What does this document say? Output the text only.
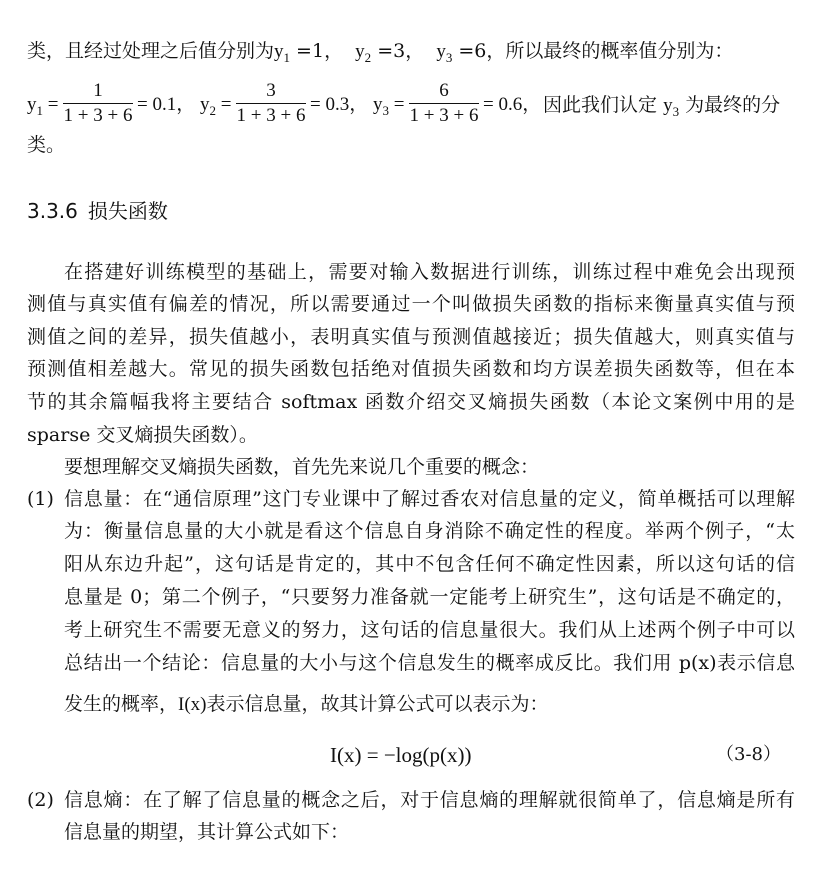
类，且经过处理之后值分别为$y_1 =1$， $y_2 =3$， $y_3 =6$，所以最终的概率值分别为：
$y_1$ =
1
1 + 3 + 6
= 0.1， $y_2$ =
3
1 + 3 + 6
= 0.3， $y_3$ =
6
1 + 3 + 6
= 0.6， 因此我们认定 $y_3$ 为最终的分
类。
3.3.6 损失函数
在搭建好训练模型的基础上，需要对输入数据进行训练，训练过程中难免会出现预
测值与真实值有偏差的情况，所以需要通过一个叫做损失函数的指标来衡量真实值与预
测值之间的差异，损失值越小，表明真实值与预测值越接近；损失值越大，则真实值与
预测值相差越大。常见的损失函数包括绝对值损失函数和均方误差损失函数等，但在本
节的其余篇幅我将主要结合 softmax 函数介绍交叉熵损失函数（本论文案例中用的是
sparse 交叉熵损失函数）。
要想理解交叉熵损失函数，首先先来说几个重要的概念：
(1) 信息量：在“通信原理”这门专业课中了解过香农对信息量的定义，简单概括可以理解
为：衡量信息量的大小就是看这个信息自身消除不确定性的程度。举两个例子，“太
阳从东边升起”，这句话是肯定的，其中不包含任何不确定性因素，所以这句话的信
息量是 0；第二个例子，“只要努力准备就一定能考上研究生”，这句话是不确定的，
考上研究生不需要无意义的努力，这句话的信息量很大。我们从上述两个例子中可以
总结出一个结论：信息量的大小与这个信息发生的概率成反比。我们用 p(x)表示信息
发生的概率，I(x)表示信息量，故其计算公式可以表示为：
I(x) = −log(p(x))	（3-8）
(2) 信息熵：在了解了信息量的概念之后，对于信息熵的理解就很简单了，信息熵是所有
信息量的期望，其计算公式如下：
